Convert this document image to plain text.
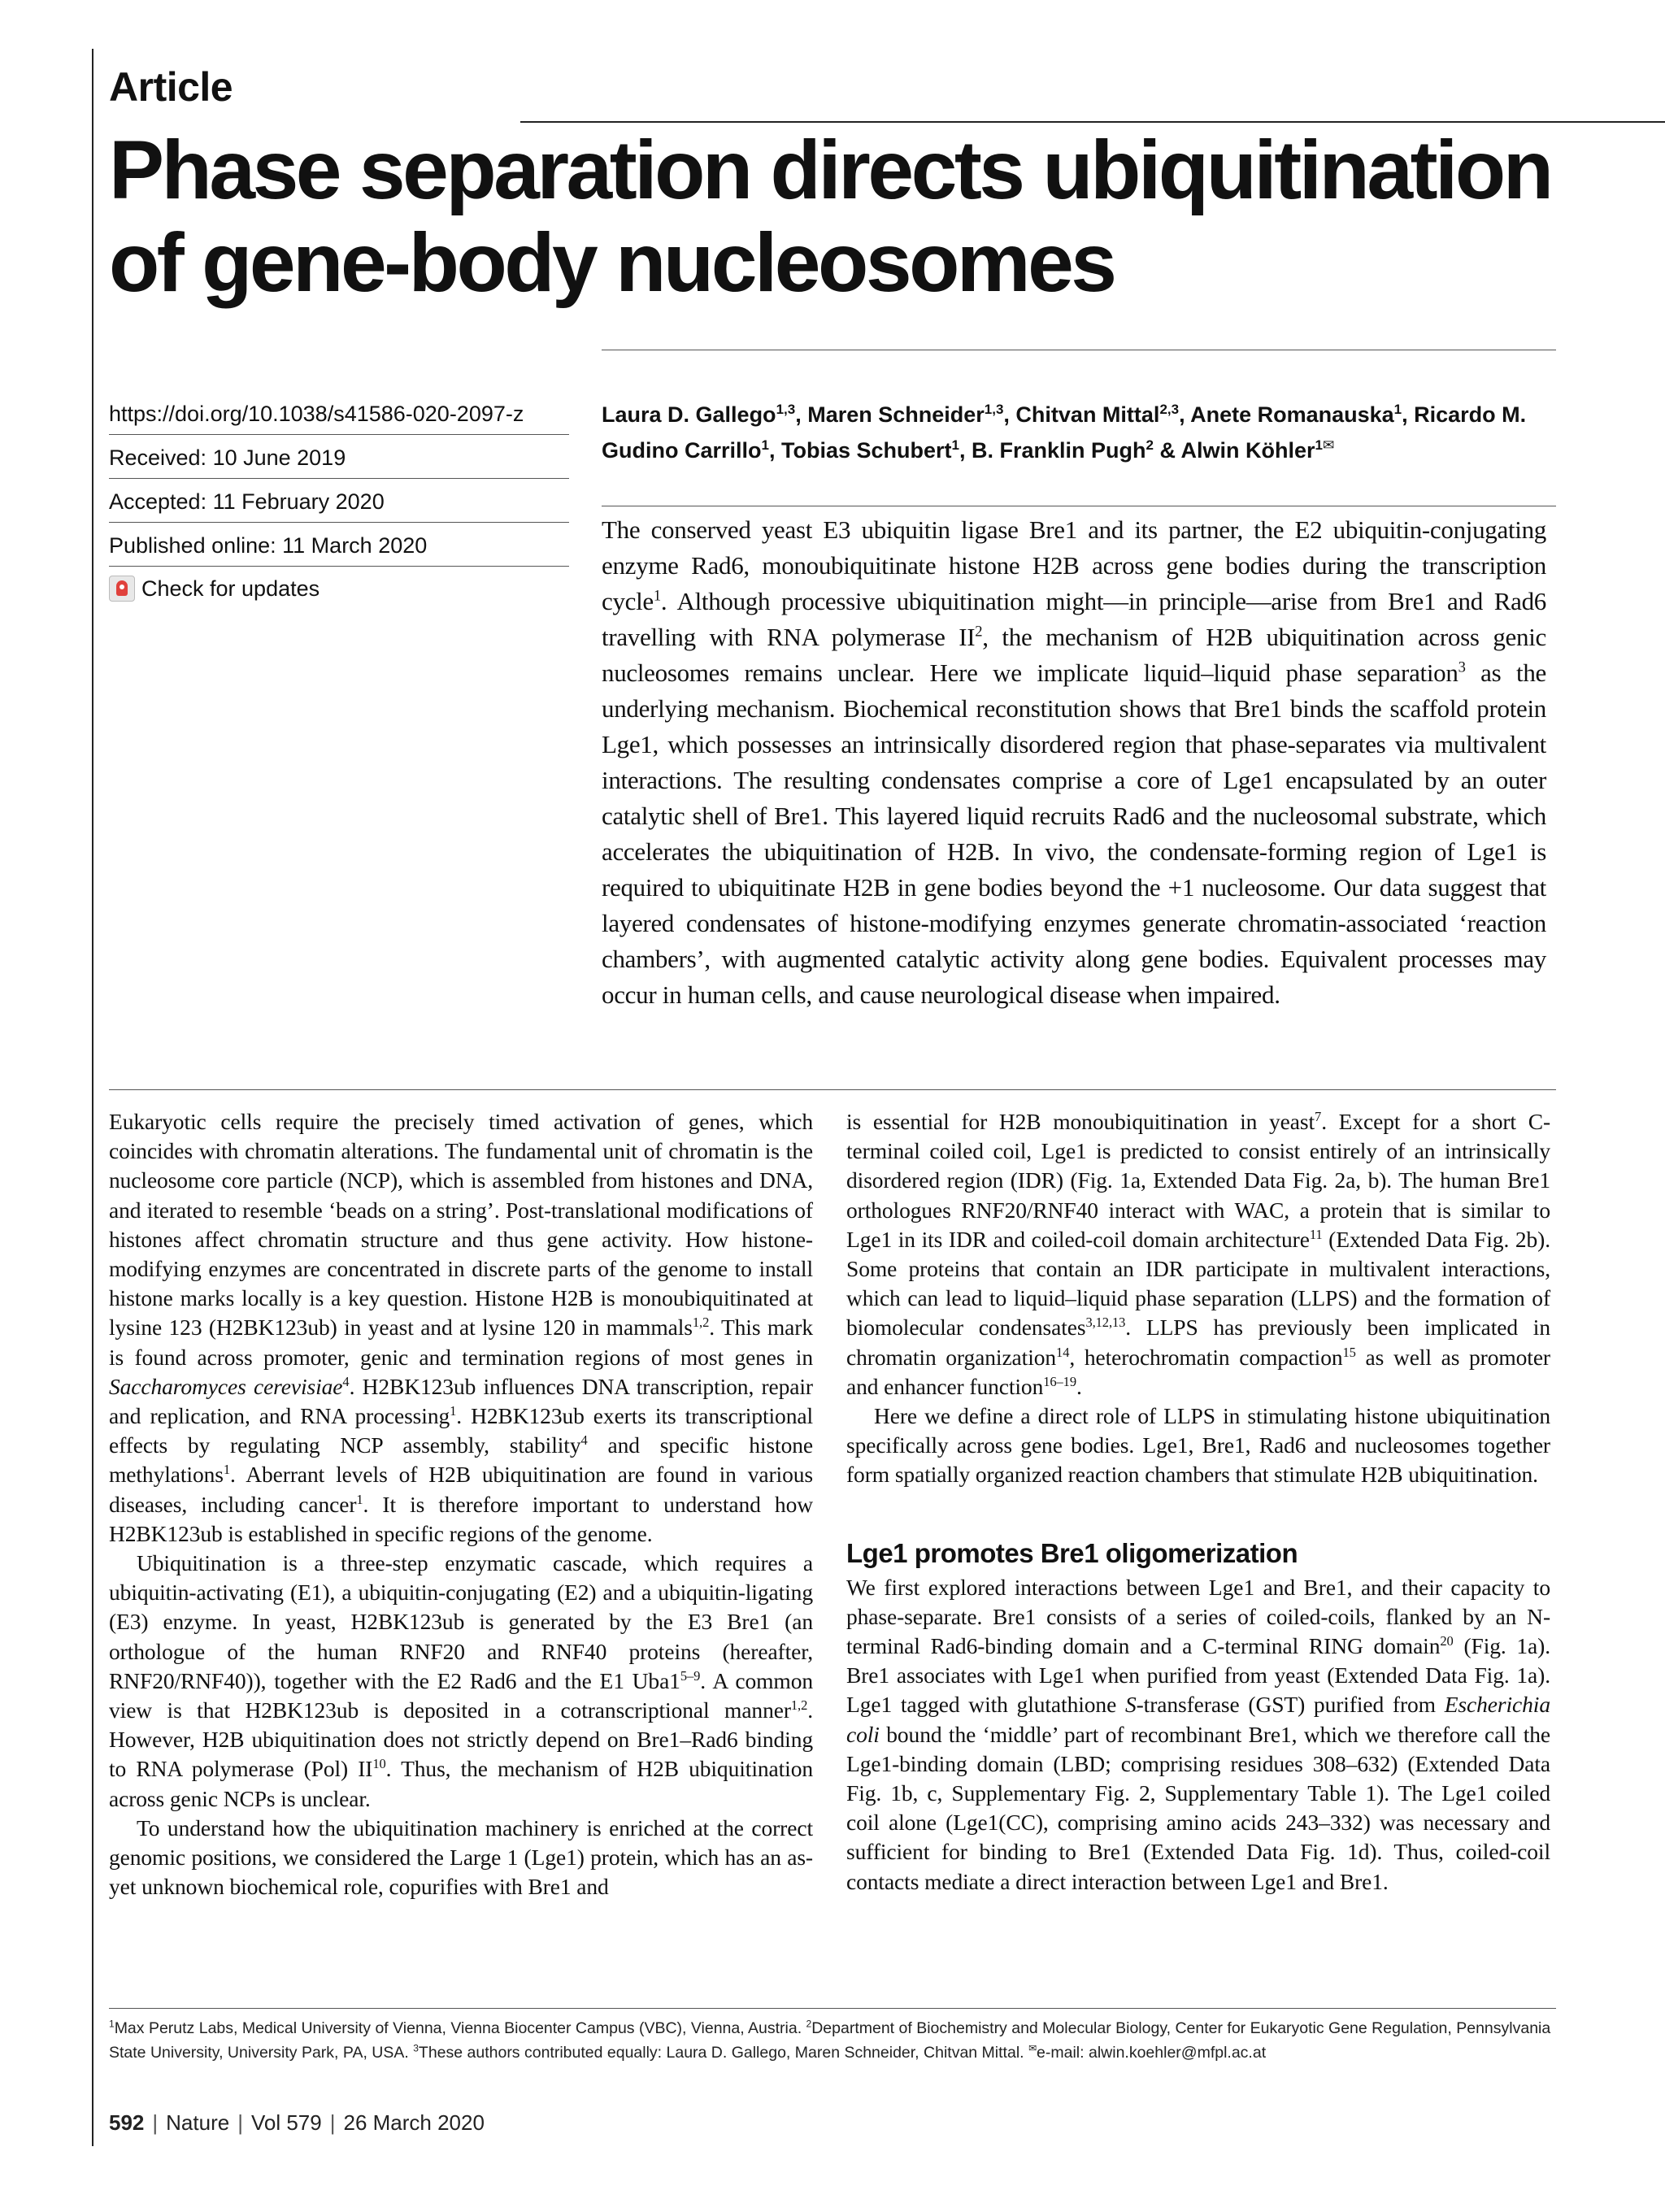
Article
Phase separation directs ubiquitination of gene-body nucleosomes
https://doi.org/10.1038/s41586-020-2097-z
Received: 10 June 2019
Accepted: 11 February 2020
Published online: 11 March 2020
Check for updates
Laura D. Gallego$^{1,3}$, Maren Schneider$^{1,3}$, Chitvan Mittal$^{2,3}$, Anete Romanauska$^1$, Ricardo M. Gudino Carrillo$^1$, Tobias Schubert$^1$, B. Franklin Pugh$^2$ & Alwin Köhler$^{1✉}$
The conserved yeast E3 ubiquitin ligase Bre1 and its partner, the E2 ubiquitin-conjugating enzyme Rad6, monoubiquitinate histone H2B across gene bodies during the transcription cycle$^1$. Although processive ubiquitination might—in principle—arise from Bre1 and Rad6 travelling with RNA polymerase $II^2$, the mechanism of H2B ubiquitination across genic nucleosomes remains unclear. Here we implicate liquid–liquid phase separation$^3$ as the underlying mechanism. Biochemical reconstitution shows that Bre1 binds the scaffold protein Lge1, which possesses an intrinsically disordered region that phase-separates via multivalent interactions. The resulting condensates comprise a core of Lge1 encapsulated by an outer catalytic shell of Bre1. This layered liquid recruits Rad6 and the nucleosomal substrate, which accelerates the ubiquitination of H2B. In vivo, the condensate-forming region of Lge1 is required to ubiquitinate H2B in gene bodies beyond the +1 nucleosome. Our data suggest that layered condensates of histone-modifying enzymes generate chromatin-associated ‘reaction chambers’, with augmented catalytic activity along gene bodies. Equivalent processes may occur in human cells, and cause neurological disease when impaired.

Eukaryotic cells require the precisely timed activation of genes, which coincides with chromatin alterations. The fundamental unit of chromatin is the nucleosome core particle (NCP), which is assembled from histones and DNA, and iterated to resemble ‘beads on a string’. Post-translational modifications of histones affect chromatin structure and thus gene activity. How histone-modifying enzymes are concentrated in discrete parts of the genome to install histone marks locally is a key question. Histone H2B is monoubiquitinated at lysine 123 (H2BK123ub) in yeast and at lysine 120 in mammals$^{1,2}$. This mark is found across promoter, genic and termination regions of most genes in Saccharomyces cerevisiae$^4$. H2BK123ub influences DNA transcription, repair and replication, and RNA processing$^1$. H2BK123ub exerts its transcriptional effects by regulating NCP assembly, stability$^4$ and specific histone methylations$^1$. Aberrant levels of H2B ubiquitination are found in various diseases, including cancer$^1$. It is therefore important to understand how H2BK123ub is established in specific regions of the genome.

Ubiquitination is a three-step enzymatic cascade, which requires a ubiquitin-activating (E1), a ubiquitin-conjugating (E2) and a ubiquitin-ligating (E3) enzyme. In yeast, H2BK123ub is generated by the E3 Bre1 (an orthologue of the human RNF20 and RNF40 proteins (hereafter, RNF20/RNF40)), together with the E2 Rad6 and the E1 Uba1$^{5-9}$. A common view is that H2BK123ub is deposited in a cotranscriptional manner$^{1,2}$. However, H2B ubiquitination does not strictly depend on Bre1–Rad6 binding to RNA polymerase (Pol) II$^{10}$. Thus, the mechanism of H2B ubiquitination across genic NCPs is unclear.

To understand how the ubiquitination machinery is enriched at the correct genomic positions, we considered the Large 1 (Lge1) protein, which has an as-yet unknown biochemical role, copurifies with Bre1 and

is essential for H2B monoubiquitination in yeast$^7$. Except for a short C-terminal coiled coil, Lge1 is predicted to consist entirely of an intrinsically disordered region (IDR) (Fig. 1a, Extended Data Fig. 2a, b). The human Bre1 orthologues RNF20/RNF40 interact with WAC, a protein that is similar to Lge1 in its IDR and coiled-coil domain architecture$^{11}$ (Extended Data Fig. 2b). Some proteins that contain an IDR participate in multivalent interactions, which can lead to liquid–liquid phase separation (LLPS) and the formation of biomolecular condensates$^{3,12,13}$. LLPS has previously been implicated in chromatin organization$^{14}$, heterochromatin compaction$^{15}$ as well as promoter and enhancer function$^{16-19}$.

Here we define a direct role of LLPS in stimulating histone ubiquitination specifically across gene bodies. Lge1, Bre1, Rad6 and nucleosomes together form spatially organized reaction chambers that stimulate H2B ubiquitination.

Lge1 promotes Bre1 oligomerization

We first explored interactions between Lge1 and Bre1, and their capacity to phase-separate. Bre1 consists of a series of coiled-coils, flanked by an N-terminal Rad6-binding domain and a C-terminal RING domain$^{20}$ (Fig. 1a). Bre1 associates with Lge1 when purified from yeast (Extended Data Fig. 1a). Lge1 tagged with glutathione S-transferase (GST) purified from Escherichia coli bound the ‘middle’ part of recombinant Bre1, which we therefore call the Lge1-binding domain (LBD; comprising residues 308–632) (Extended Data Fig. 1b, c, Supplementary Fig. 2, Supplementary Table 1). The Lge1 coiled coil alone (Lge1(CC), comprising amino acids 243–332) was necessary and sufficient for binding to Bre1 (Extended Data Fig. 1d). Thus, coiled-coil contacts mediate a direct interaction between Lge1 and Bre1.

$^1$Max Perutz Labs, Medical University of Vienna, Vienna Biocenter Campus (VBC), Vienna, Austria. $^2$Department of Biochemistry and Molecular Biology, Center for Eukaryotic Gene Regulation, Pennsylvania State University, University Park, PA, USA. $^3$These authors contributed equally: Laura D. Gallego, Maren Schneider, Chitvan Mittal. ✉e-mail: alwin.koehler@mfpl.ac.at
592 | Nature | Vol 579 | 26 March 2020
